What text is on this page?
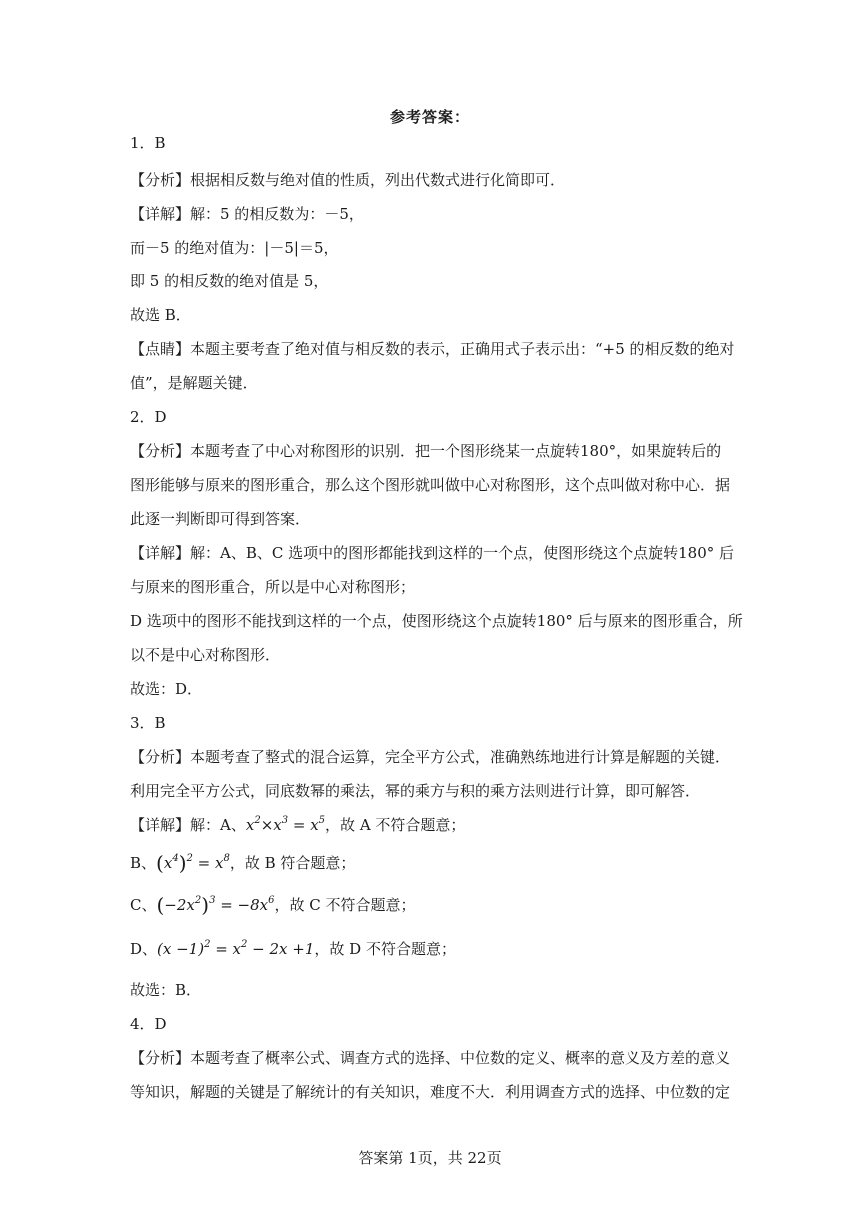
参考答案：
1．B
【分析】根据相反数与绝对值的性质，列出代数式进行化简即可．
【详解】解：5 的相反数为：－5，
而－5 的绝对值为：|－5|＝5，
即 5 的相反数的绝对值是 5，
故选 B．
【点睛】本题主要考查了绝对值与相反数的表示，正确用式子表示出：“+5 的相反数的绝对
值”，是解题关键．
2．D
【分析】本题考查了中心对称图形的识别．把一个图形绕某一点旋转180°，如果旋转后的
图形能够与原来的图形重合，那么这个图形就叫做中心对称图形，这个点叫做对称中心．据
此逐一判断即可得到答案．
【详解】解：A、B、C 选项中的图形都能找到这样的一个点，使图形绕这个点旋转180° 后
与原来的图形重合，所以是中心对称图形；
D 选项中的图形不能找到这样的一个点，使图形绕这个点旋转180° 后与原来的图形重合，所
以不是中心对称图形．
故选：D．
3．B
【分析】本题考查了整式的混合运算，完全平方公式，准确熟练地进行计算是解题的关键．
利用完全平方公式，同底数幂的乘法，幂的乘方与积的乘方法则进行计算，即可解答．
【详解】解：A、$x^2\times x^3 = x^5$，故 A 不符合题意；
B、$(x^4)^2 = x^8$，故 B 符合题意；
C、$(-2x^2)^3 = -8x^6$，故 C 不符合题意；
D、$(x -1)^2 = x^2 - 2x +1$，故 D 不符合题意；
故选：B．
4．D
【分析】本题考查了概率公式、调查方式的选择、中位数的定义、概率的意义及方差的意义
等知识，解题的关键是了解统计的有关知识，难度不大．利用调查方式的选择、中位数的定
答案第 1页，共 22页
